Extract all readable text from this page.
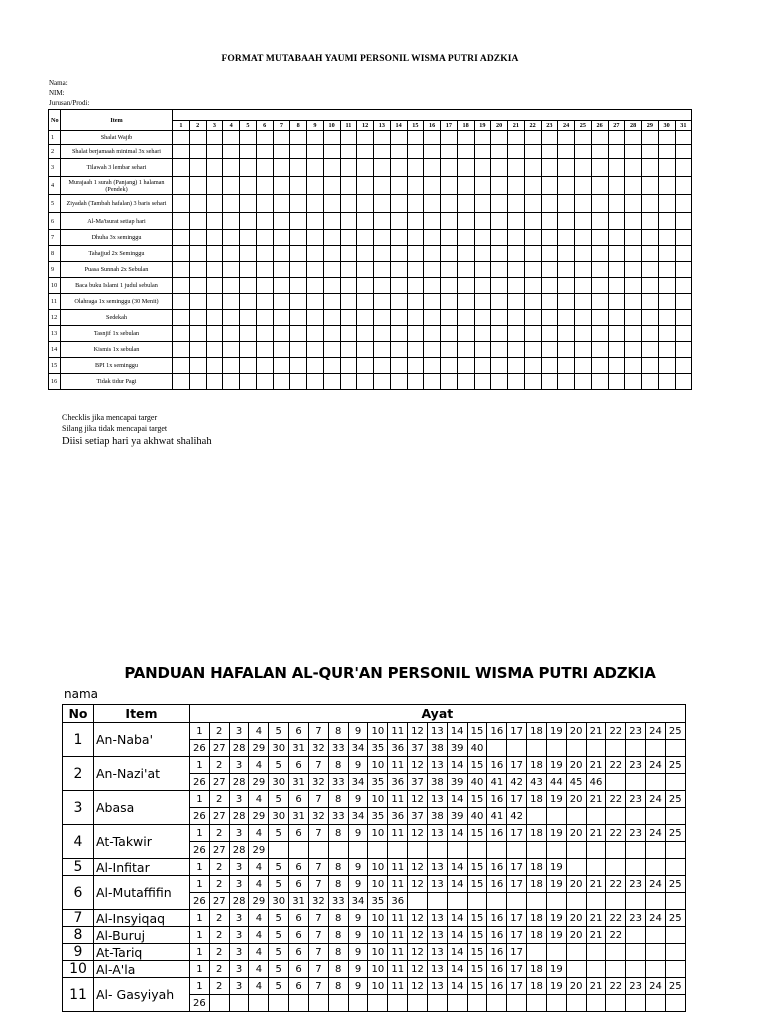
FORMAT MUTABAAH YAUMI PERSONIL WISMA PUTRI ADZKIA
Nama:
NIM:
Jurusan/Prodi:
No	Item																															
		1	2	3	4	5	6	7	8	9	10	11	12	13	14	15	16	17	18	19	20	21	22	23	24	25	26	27	28	29	30	31
1	Shalat Wajib																															
2	Shalat berjamaah minimal 3x sehari																															
3	Tilawah 3 lembar sehari																															
4	Murajaah 1 surah (Panjang) 1 halaman (Pendek)																															
5	Ziyadah (Tambah hafalan) 3 baris sehari																															
6	Al-Ma'tsurat setiap hari																															
7	Dhuha 3x seminggu																															
8	Tahajjud 2x Seminggu																															
9	Puasa Sunnah 2x Sebulan																															
10	Baca buku Islami 1 judul sebulan																															
11	Olahraga 1x seminggu (30 Menit)																															
12	Sedekah																															
13	Tasnjif 1x sebulan																															
14	Kismis 1x sebulan																															
15	BPI 1x seminggu																															
16	Tidak tidur Pagi																															
Checklis jika mencapai targer
Silang jika tidak mencapai target
Diisi setiap hari ya akhwat shalihah
PANDUAN HAFALAN AL-QUR'AN PERSONIL WISMA PUTRI ADZKIA
nama
No	Item	Ayat																								
1	An-Naba'	1	2	3	4	5	6	7	8	9	10	11	12	13	14	15	16	17	18	19	20	21	22	23	24	25
		26	27	28	29	30	31	32	33	34	35	36	37	38	39	40										
2	An-Nazi'at	1	2	3	4	5	6	7	8	9	10	11	12	13	14	15	16	17	18	19	20	21	22	23	24	25
		26	27	28	29	30	31	32	33	34	35	36	37	38	39	40	41	42	43	44	45	46				
3	Abasa	1	2	3	4	5	6	7	8	9	10	11	12	13	14	15	16	17	18	19	20	21	22	23	24	25
		26	27	28	29	30	31	32	33	34	35	36	37	38	39	40	41	42								
4	At-Takwir	1	2	3	4	5	6	7	8	9	10	11	12	13	14	15	16	17	18	19	20	21	22	23	24	25
		26	27	28	29																					
5	Al-Infitar	1	2	3	4	5	6	7	8	9	10	11	12	13	14	15	16	17	18	19						
6	Al-Mutaffifin	1	2	3	4	5	6	7	8	9	10	11	12	13	14	15	16	17	18	19	20	21	22	23	24	25
		26	27	28	29	30	31	32	33	34	35	36														
7	Al-Insyiqaq	1	2	3	4	5	6	7	8	9	10	11	12	13	14	15	16	17	18	19	20	21	22	23	24	25
8	Al-Buruj	1	2	3	4	5	6	7	8	9	10	11	12	13	14	15	16	17	18	19	20	21	22			
9	At-Tariq	1	2	3	4	5	6	7	8	9	10	11	12	13	14	15	16	17								
10	Al-A'la	1	2	3	4	5	6	7	8	9	10	11	12	13	14	15	16	17	18	19						
11	Al- Gasyiyah	1	2	3	4	5	6	7	8	9	10	11	12	13	14	15	16	17	18	19	20	21	22	23	24	25
		26																								
